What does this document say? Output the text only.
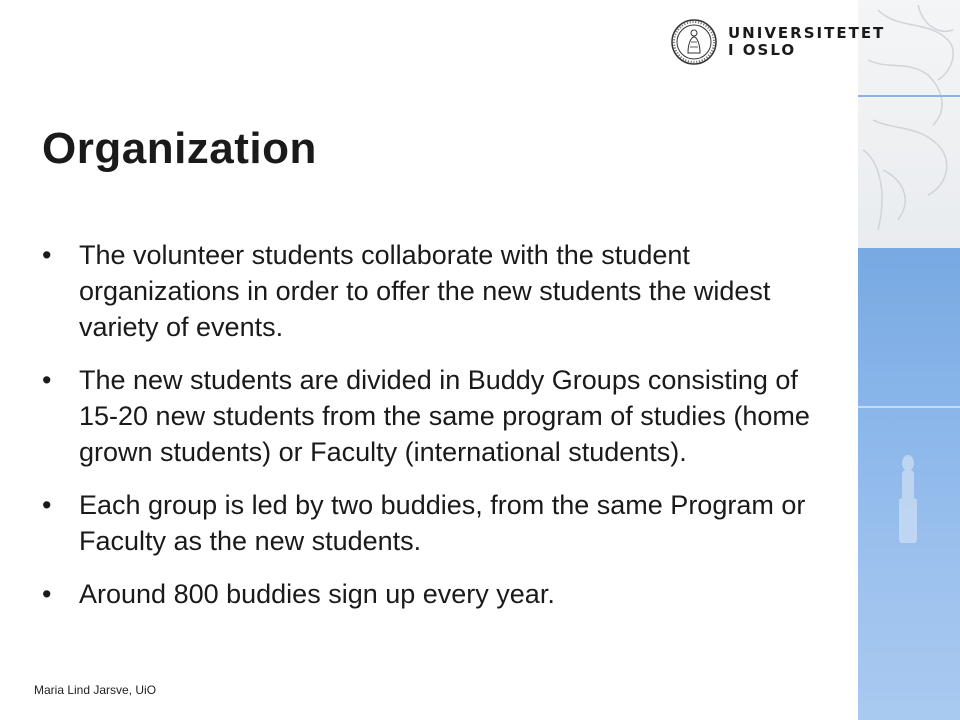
UNIVERSITETET
I OSLO
Organization
• The volunteer students collaborate with the student organizations in order to offer the new students the widest variety of events.
• The new students are divided in Buddy Groups consisting of 15-20 new students from the same program of studies (home grown students) or Faculty (international students).
• Each group is led by two buddies, from the same Program or Faculty as the new students.
• Around 800 buddies sign up every year.
Maria Lind Jarsve, UiO
